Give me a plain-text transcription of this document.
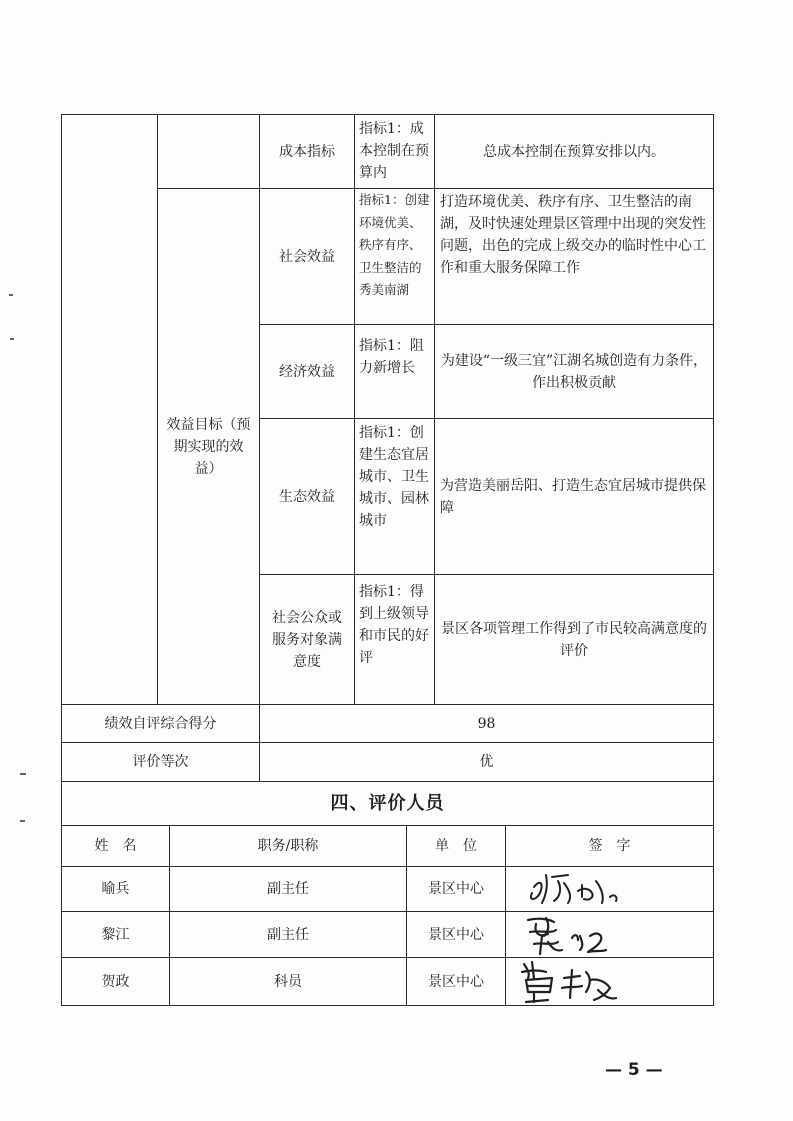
		成本指标	指标1：成本控制在预算内	总成本控制在预算安排以内。
	效益目标（预期实现的效益）	社会效益	指标1：创建环境优美、秩序有序、卫生整洁的秀美南湖	打造环境优美、秩序有序、卫生整洁的南湖，及时快速处理景区管理中出现的突发性问题，出色的完成上级交办的临时性中心工作和重大服务保障工作
		经济效益	指标1：阻力新增长	为建设“一级三宜”江湖名城创造有力条件，作出积极贡献
		生态效益	指标1：创建生态宜居城市、卫生城市、园林城市	为营造美丽岳阳、打造生态宜居城市提供保障
		社会公众或服务对象满意度	指标1：得到上级领导和市民的好评	景区各项管理工作得到了市民较高满意度的评价
绩效自评综合得分	98
评价等次	优
四、评价人员	
姓　名	职务/职称	单　位	签　字
喻兵	副主任	景区中心	

黎江	副主任	景区中心	

贺政	科员	景区中心	
— 5 —
